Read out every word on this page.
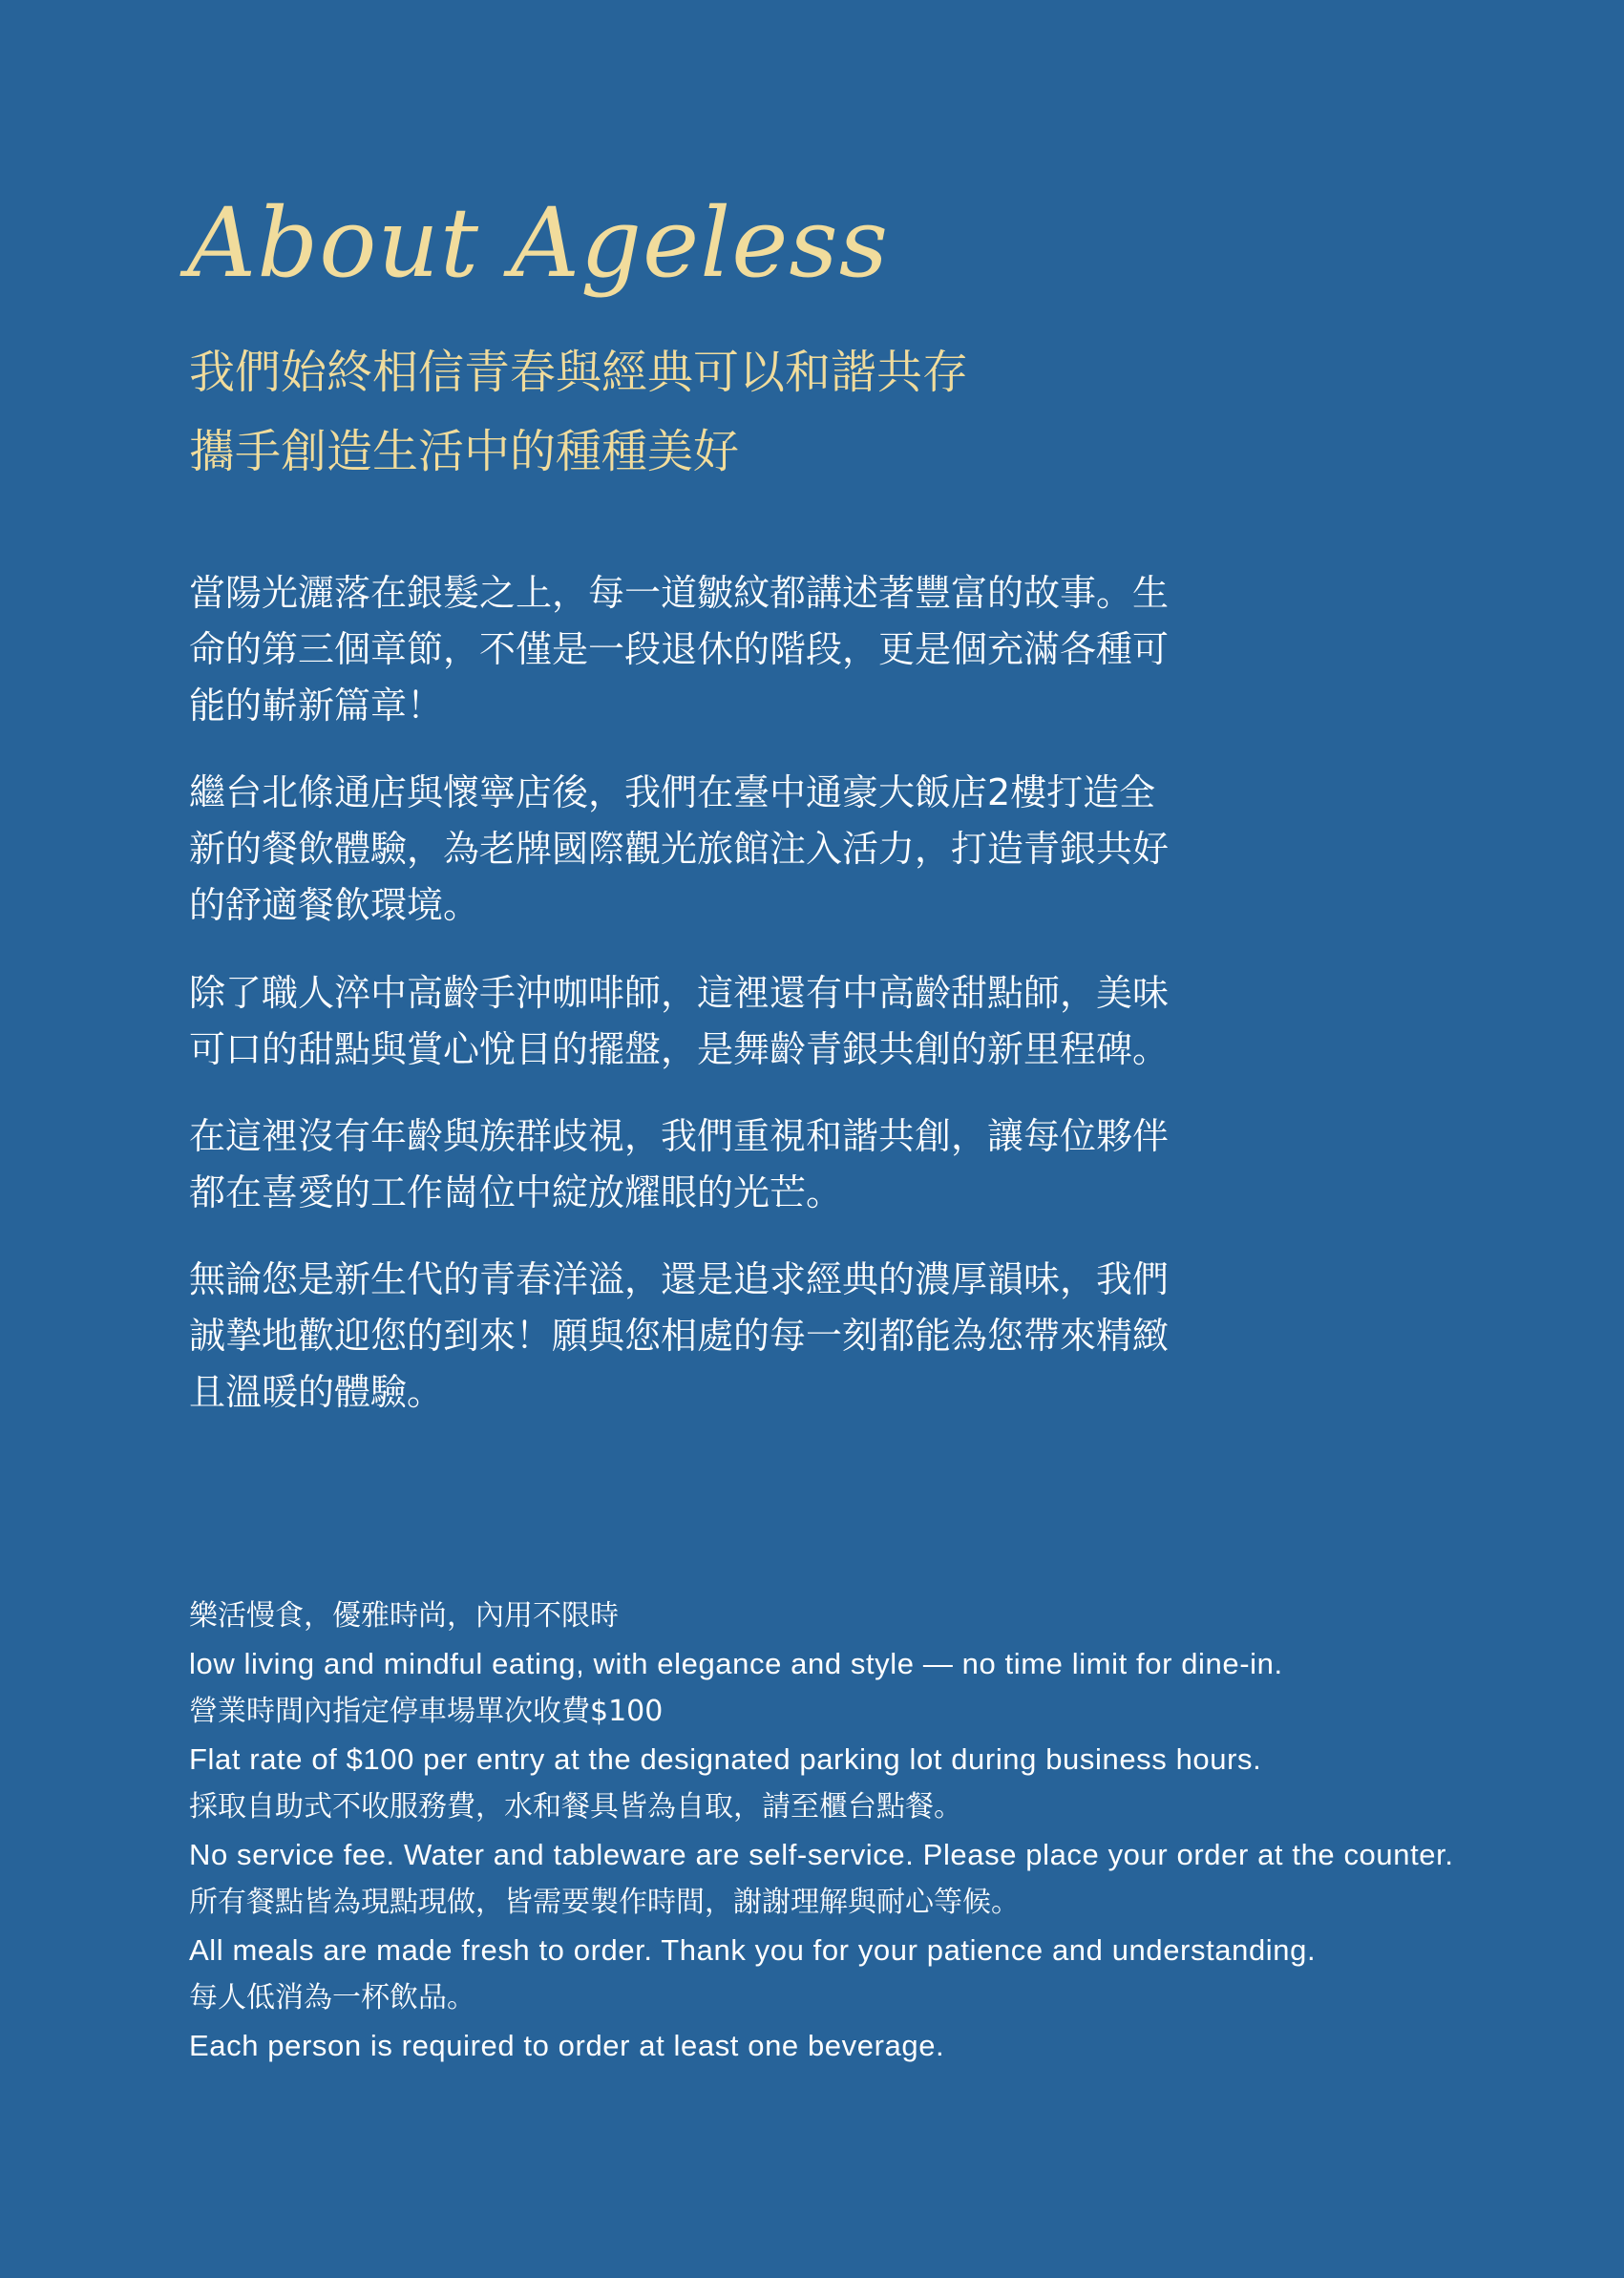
About Ageless
我們始終相信青春與經典可以和諧共存
攜手創造生活中的種種美好

當陽光灑落在銀髮之上，每一道皺紋都講述著豐富的故事。生

命的第三個章節，不僅是一段退休的階段，更是個充滿各種可

能的嶄新篇章！

繼台北條通店與懷寧店後，我們在臺中通豪大飯店2樓打造全

新的餐飲體驗，為老牌國際觀光旅館注入活力，打造青銀共好

的舒適餐飲環境。

除了職人淬中高齡手沖咖啡師，這裡還有中高齡甜點師，美味

可口的甜點與賞心悅目的擺盤，是舞齡青銀共創的新里程碑。

在這裡沒有年齡與族群歧視，我們重視和諧共創，讓每位夥伴

都在喜愛的工作崗位中綻放耀眼的光芒。

無論您是新生代的青春洋溢，還是追求經典的濃厚韻味，我們

誠摯地歡迎您的到來！願與您相處的每一刻都能為您帶來精緻

且溫暖的體驗。

樂活慢食，優雅時尚，內用不限時

low living and mindful eating, with elegance and style — no time limit for dine-in.

營業時間內指定停車場單次收費$100

Flat rate of $100 per entry at the designated parking lot during business hours.

採取自助式不收服務費，水和餐具皆為自取，請至櫃台點餐。

No service fee. Water and tableware are self-service. Please place your order at the counter.

所有餐點皆為現點現做，皆需要製作時間，謝謝理解與耐心等候。

All meals are made fresh to order. Thank you for your patience and understanding.

每人低消為一杯飲品。

Each person is required to order at least one beverage.
